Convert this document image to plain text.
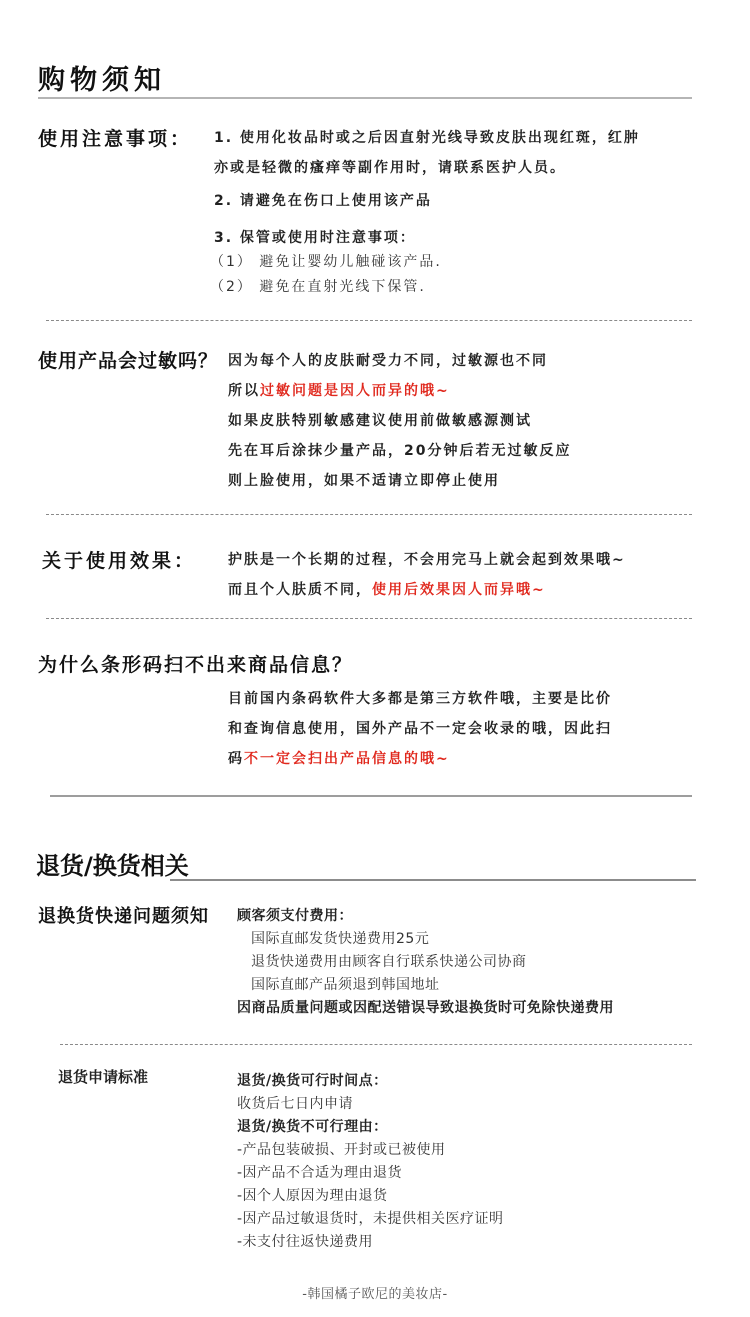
购物须知
使用注意事项： 1. 使用化妆品时或之后因直射光线导致皮肤出现红斑，红肿
亦或是轻微的瘙痒等副作用时，请联系医护人员。
2. 请避免在伤口上使用该产品
3. 保管或使用时注意事项：
（1） 避免让婴幼儿触碰该产品.
（2） 避免在直射光线下保管.
使用产品会过敏吗？ 因为每个人的皮肤耐受力不同，过敏源也不同
所以过敏问题是因人而异的哦~
如果皮肤特别敏感建议使用前做敏感源测试
先在耳后涂抹少量产品，20分钟后若无过敏反应
则上脸使用，如果不适请立即停止使用
关于使用效果： 护肤是一个长期的过程，不会用完马上就会起到效果哦~
而且个人肤质不同，使用后效果因人而异哦~
为什么条形码扫不出来商品信息？
目前国内条码软件大多都是第三方软件哦，主要是比价
和查询信息使用，国外产品不一定会收录的哦，因此扫
码不一定会扫出产品信息的哦~
退货/换货相关
退换货快递问题须知 顾客须支付费用：
国际直邮发货快递费用25元
退货快递费用由顾客自行联系快递公司协商
国际直邮产品须退到韩国地址
因商品质量问题或因配送错误导致退换货时可免除快递费用
退货申请标准	退货/换货可行时间点：
收货后七日内申请
退货/换货不可行理由：
-产品包装破损、开封或已被使用
-因产品不合适为理由退货
-因个人原因为理由退货
-因产品过敏退货时，未提供相关医疗证明
-未支付往返快递费用
-韩国橘子欧尼的美妆店-
